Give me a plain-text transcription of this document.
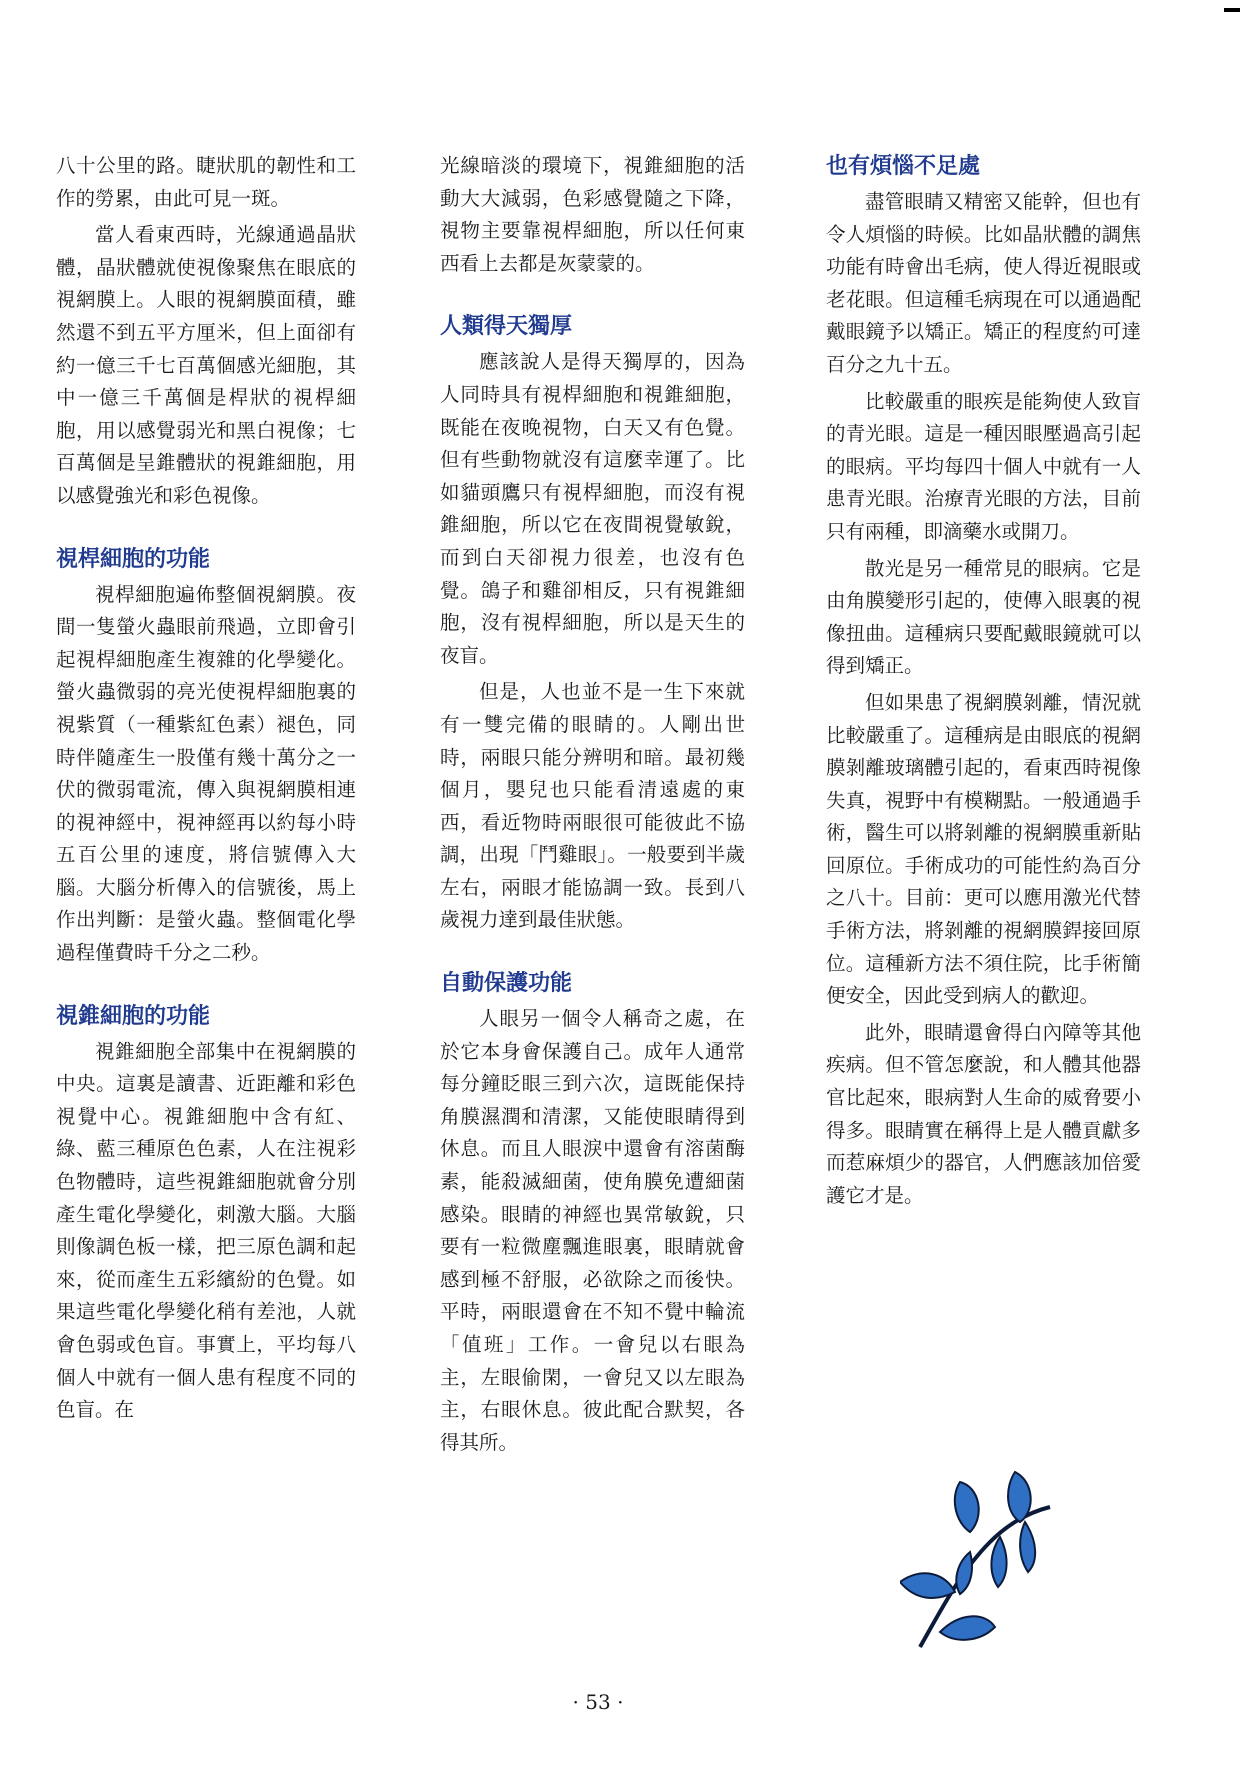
八十公里的路。睫狀肌的韌性和工作的勞累，由此可見一斑。

當人看東西時，光線通過晶狀體，晶狀體就使視像聚焦在眼底的視網膜上。人眼的視網膜面積，雖然還不到五平方厘米，但上面卻有約一億三千七百萬個感光細胞，其中一億三千萬個是桿狀的視桿細胞，用以感覺弱光和黑白視像；七百萬個是呈錐體狀的視錐細胞，用以感覺強光和彩色視像。

視桿細胞的功能

視桿細胞遍佈整個視網膜。夜間一隻螢火蟲眼前飛過，立即會引起視桿細胞產生複雜的化學變化。螢火蟲微弱的亮光使視桿細胞裏的視紫質（一種紫紅色素）褪色，同時伴隨產生一股僅有幾十萬分之一伏的微弱電流，傳入與視網膜相連的視神經中，視神經再以約每小時五百公里的速度，將信號傳入大腦。大腦分析傳入的信號後，馬上作出判斷：是螢火蟲。整個電化學過程僅費時千分之二秒。

視錐細胞的功能

視錐細胞全部集中在視網膜的中央。這裏是讀書、近距離和彩色視覺中心。視錐細胞中含有紅、綠、藍三種原色色素，人在注視彩色物體時，這些視錐細胞就會分別產生電化學變化，刺激大腦。大腦則像調色板一樣，把三原色調和起來，從而產生五彩繽紛的色覺。如果這些電化學變化稍有差池，人就會色弱或色盲。事實上，平均每八個人中就有一個人患有程度不同的色盲。在

光線暗淡的環境下，視錐細胞的活動大大減弱，色彩感覺隨之下降，視物主要靠視桿細胞，所以任何東西看上去都是灰蒙蒙的。

人類得天獨厚

應該說人是得天獨厚的，因為人同時具有視桿細胞和視錐細胞，既能在夜晚視物，白天又有色覺。但有些動物就沒有這麼幸運了。比如貓頭鷹只有視桿細胞，而沒有視錐細胞，所以它在夜間視覺敏銳，而到白天卻視力很差，也沒有色覺。鴿子和雞卻相反，只有視錐細胞，沒有視桿細胞，所以是天生的夜盲。

但是，人也並不是一生下來就有一雙完備的眼睛的。人剛出世時，兩眼只能分辨明和暗。最初幾個月，嬰兒也只能看清遠處的東西，看近物時兩眼很可能彼此不協調，出現「鬥雞眼」。一般要到半歲左右，兩眼才能協調一致。長到八歲視力達到最佳狀態。

自動保護功能

人眼另一個令人稱奇之處，在於它本身會保護自己。成年人通常每分鐘眨眼三到六次，這既能保持角膜濕潤和清潔，又能使眼睛得到休息。而且人眼淚中還會有溶菌酶素，能殺滅細菌，使角膜免遭細菌感染。眼睛的神經也異常敏銳，只要有一粒微塵飄進眼裏，眼睛就會感到極不舒服，必欲除之而後快。平時，兩眼還會在不知不覺中輪流「值班」工作。一會兒以右眼為主，左眼偷閑，一會兒又以左眼為主，右眼休息。彼此配合默契，各得其所。

也有煩惱不足處

盡管眼睛又精密又能幹，但也有令人煩惱的時候。比如晶狀體的調焦功能有時會出毛病，使人得近視眼或老花眼。但這種毛病現在可以通過配戴眼鏡予以矯正。矯正的程度約可達百分之九十五。

比較嚴重的眼疾是能夠使人致盲的青光眼。這是一種因眼壓過高引起的眼病。平均每四十個人中就有一人患青光眼。治療青光眼的方法，目前只有兩種，即滴藥水或開刀。

散光是另一種常見的眼病。它是由角膜變形引起的，使傳入眼裏的視像扭曲。這種病只要配戴眼鏡就可以得到矯正。

但如果患了視網膜剝離，情況就比較嚴重了。這種病是由眼底的視網膜剝離玻璃體引起的，看東西時視像失真，視野中有模糊點。一般通過手術，醫生可以將剝離的視網膜重新貼回原位。手術成功的可能性約為百分之八十。目前：更可以應用激光代替手術方法，將剝離的視網膜銲接回原位。這種新方法不須住院，比手術簡便安全，因此受到病人的歡迎。

此外，眼睛還會得白內障等其他疾病。但不管怎麼說，和人體其他器官比起來，眼病對人生命的威脅要小得多。眼睛實在稱得上是人體貢獻多而惹麻煩少的器官，人們應該加倍愛護它才是。

· 53 ·
